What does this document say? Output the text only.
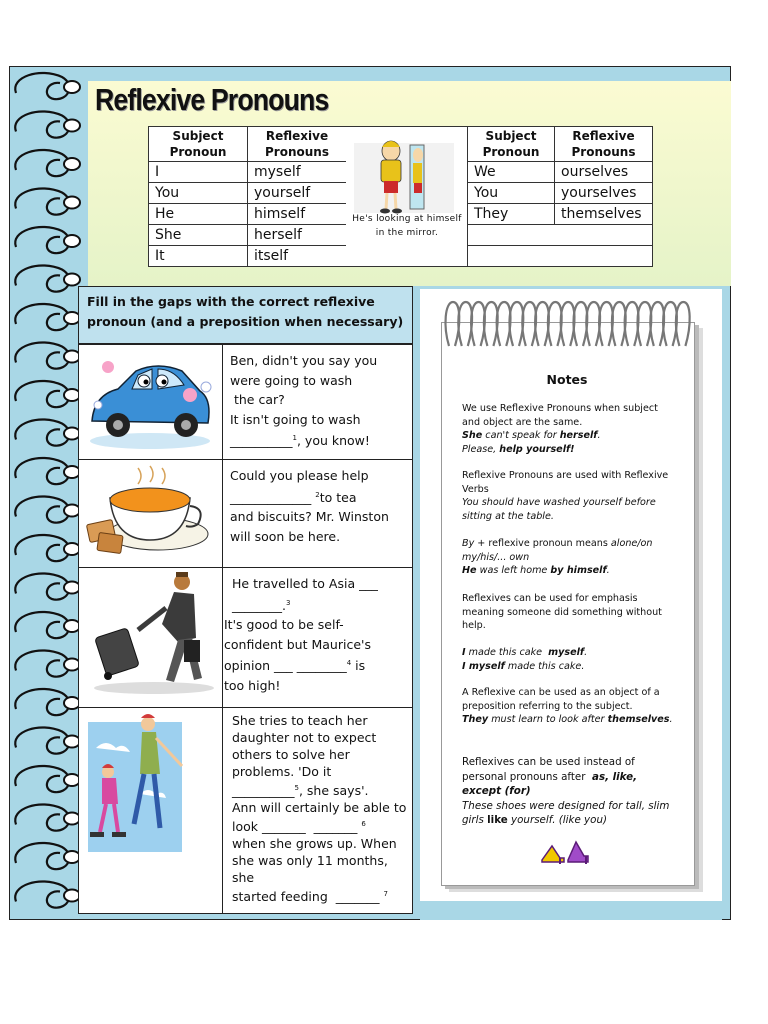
Reflexive Pronouns
Subject
Pronoun	Reflexive
Pronouns
I	myself
You	yourself
He	himself
She	herself
It	itself
He's looking at himself in the mirror.
Subject
Pronoun	Reflexive
Pronouns
We	ourselves
You	yourselves
They	themselves

Fill in the gaps with the correct reflexive pronoun (and a preposition when necessary)

Ben, didn't you say you
were going to wash
the car?
It isn't going to wash
__________$^1$, you know!
Could you please help
_____________ $^2$to tea
and biscuits? Mr. Winston
will soon be here.
He travelled to Asia ___
________.$^3$
It's good to be self-
confident but Maurice's
opinion ___ ________$^4$ is
too high!
She tries to teach her
daughter not to expect
others to solve her
problems. 'Do it
__________$^5$, she says'.
Ann will certainly be able to
look _______  _______ $^6$
when she grows up. When
she was only 11 months, she
started feeding  _______ $^7$
Notes

We use Reflexive Pronouns when subject and object are the same.
She can't speak for herself.
Please, help yourself!

Reflexive Pronouns are used with Reflexive Verbs
You should have washed yourself before sitting at the table.

By + reflexive pronoun means alone/on my/his/... own
He was left home by himself.

Reflexives can be used for emphasis meaning someone did something without help.

I made this cake  myself.
I myself made this cake.

A Reflexive can be used as an object of a preposition referring to the subject.
They must learn to look after themselves.

Reflexives can be used instead of personal pronouns after  as, like, except (for)
These shoes were designed for tall, slim girls like yourself. (like you)
